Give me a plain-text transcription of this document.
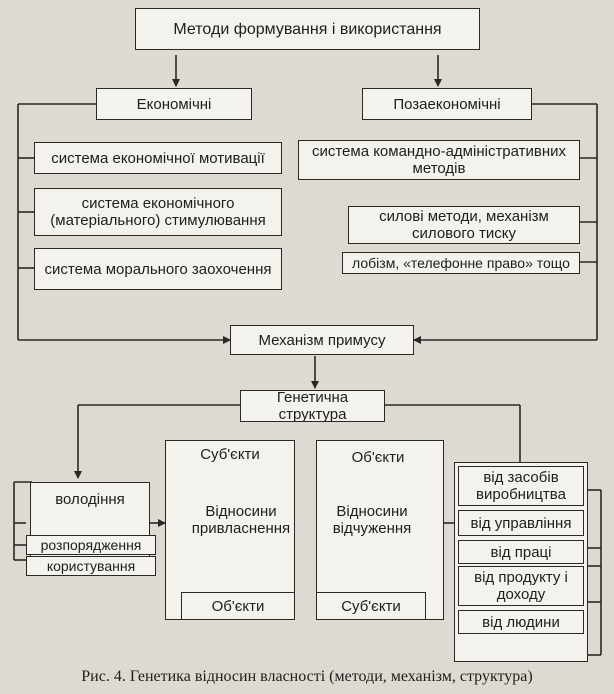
Методи формування і використання
Економічні	Позаекономічні
система економічної мотивації
система економічного (матеріального) стимулювання
система морального заохочення
система командно-адміністративних методів
силові методи, механізм силового тиску
лобізм, «телефонне право» тощо
Механізм примусу
Генетична структура
володіння
розпорядження
користування
Суб'єкти
Відносини привласнення
Об'єкти
Об'єкти
Відносини відчуження
Суб'єкти
від засобів виробництва
від управління
від праці
від продукту і доходу
від людини
Рис. 4. Генетика відносин власності (методи, механізм, структура)
